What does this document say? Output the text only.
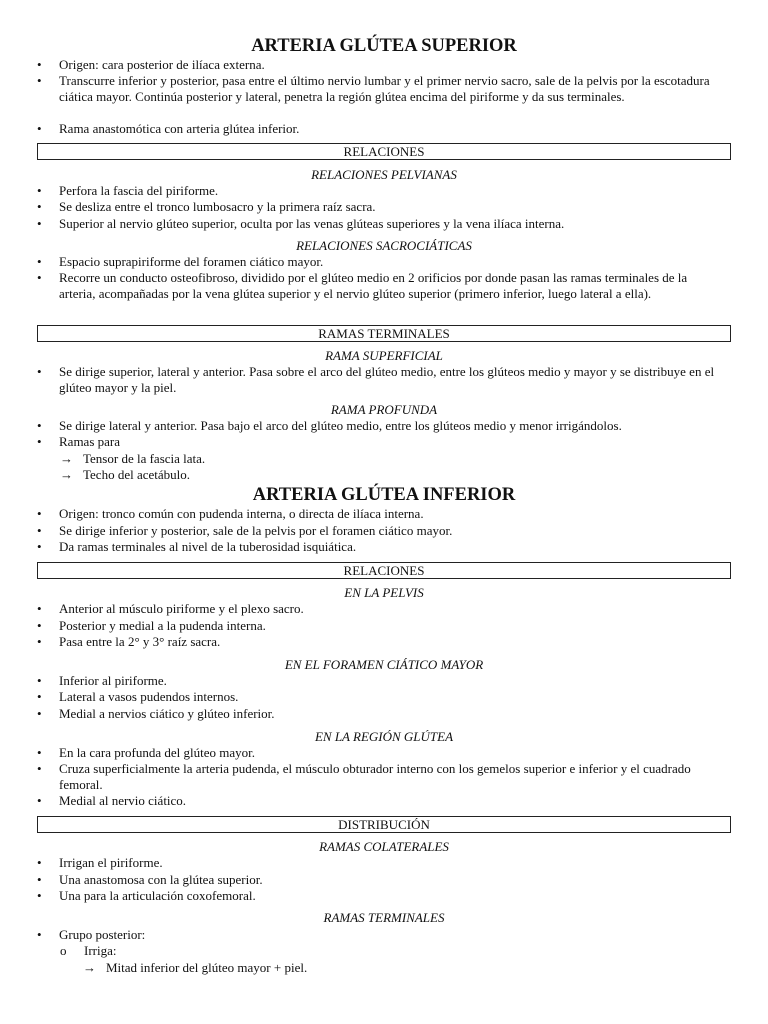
ARTERIA GLÚTEA SUPERIOR
• Origen: cara posterior de ilíaca externa.
• Transcurre inferior y posterior, pasa entre el último nervio lumbar y el primer nervio sacro, sale de la pelvis por la escotadura ciática mayor. Continúa posterior y lateral, penetra la región glútea encima del piriforme y da sus terminales.
• Rama anastomótica con arteria glútea inferior.
RELACIONES
RELACIONES PELVIANAS
• Perfora la fascia del piriforme.
• Se desliza entre el tronco lumbosacro y la primera raíz sacra.
• Superior al nervio glúteo superior, oculta por las venas glúteas superiores y la vena ilíaca interna.
RELACIONES SACROCIÁTICAS
• Espacio suprapiriforme del foramen ciático mayor.
• Recorre un conducto osteofibroso, dividido por el glúteo medio en 2 orificios por donde pasan las ramas terminales de la arteria, acompañadas por la vena glútea superior y el nervio glúteo superior (primero inferior, luego lateral a ella).
RAMAS TERMINALES
RAMA SUPERFICIAL
• Se dirige superior, lateral y anterior. Pasa sobre el arco del glúteo medio, entre los glúteos medio y mayor y se distribuye en el glúteo mayor y la piel.
RAMA PROFUNDA
• Se dirige lateral y anterior. Pasa bajo el arco del glúteo medio, entre los glúteos medio y menor irrigándolos.
• Ramas para
→ Tensor de la fascia lata.
→ Techo del acetábulo.
ARTERIA GLÚTEA INFERIOR
• Origen: tronco común con pudenda interna, o directa de ilíaca interna.
• Se dirige inferior y posterior, sale de la pelvis por el foramen ciático mayor.
• Da ramas terminales al nivel de la tuberosidad isquiática.
RELACIONES
EN LA PELVIS
• Anterior al músculo piriforme y el plexo sacro.
• Posterior y medial a la pudenda interna.
• Pasa entre la 2° y 3° raíz sacra.
EN EL FORAMEN CIÁTICO MAYOR
• Inferior al piriforme.
• Lateral a vasos pudendos internos.
• Medial a nervios ciático y glúteo inferior.
EN LA REGIÓN GLÚTEA
• En la cara profunda del glúteo mayor.
• Cruza superficialmente la arteria pudenda, el músculo obturador interno con los gemelos superior e inferior y el cuadrado femoral.
• Medial al nervio ciático.
DISTRIBUCIÓN
RAMAS COLATERALES
• Irrigan el piriforme.
• Una anastomosa con la glútea superior.
• Una para la articulación coxofemoral.
RAMAS TERMINALES
• Grupo posterior:
o Irriga:
→ Mitad inferior del glúteo mayor + piel.
